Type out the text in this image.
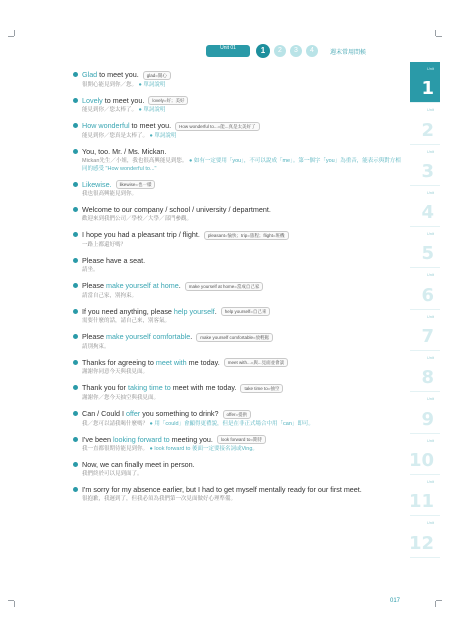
Unit 01	1	2	3	4	週末常用問候
Unit
1
Unit
2
Unit
3
Unit
4
Unit
5
Unit
6
Unit
7
Unit
8
Unit
9
Unit
10
Unit
11
Unit
12
Glad to meet you. glad=開心
很開心能見到你／您。 ● 單詞說明
Lovely to meet you. lovely=好；美好
能見到你／您太棒了。 ● 單詞說明
How wonderful to meet you. How wonderful to...=能...真是太美好了
能見到你／您真是太棒了。 ● 單詞說明
You, too. Mr. / Ms. Mickan.
Mickan先生／小姐，我也很高興能見到您。 ● 如有一定要用「you」，不可以說成「me」。第一個字「you」為重音，能表示與對方相同的感受 "How wonderful to..."
Likewise. likewise=也一樣
我也很高興能見到你。
Welcome to our company / school / university / department.
歡迎來到我們公司／學校／大學／部門參觀。
I hope you had a pleasant trip / flight. pleasant=愉快；trip=旅程；flight=班機
一路上都還好嗎？
Please have a seat.
請坐。
Please make yourself at home. make yourself at home=當成自己家
請當自己家，別拘束。
If you need anything, please help yourself. help yourself=自己來
需要什麼的話，請自己來，別客氣。
Please make yourself comfortable. make yourself comfortable=放輕鬆
請別拘束。
Thanks for agreeing to meet with me today. meet with...=與...見面並會談
謝謝你同意今天與我見面。
Thank you for taking time to meet with me today. take time to=抽空
謝謝你／您今天抽空與我見面。
Can / Could I offer you something to drink? offer=提供
我／您可以請我喝什麼嗎？ ● 用「could」會顯得更禮貌，但是在非正式場合中用「can」即可。
I've been looking forward to meeting you. look forward to=期待
我一直都很期待能見到你。 ● look forward to 後面一定要接名詞或Ving。
Now, we can finally meet in person.
我們終於可以見到面了。
I'm sorry for my absence earlier, but I had to get myself mentally ready for our first meet.
很抱歉，我遲到了，但我必須為我們第一次見面做好心理準備。
017
